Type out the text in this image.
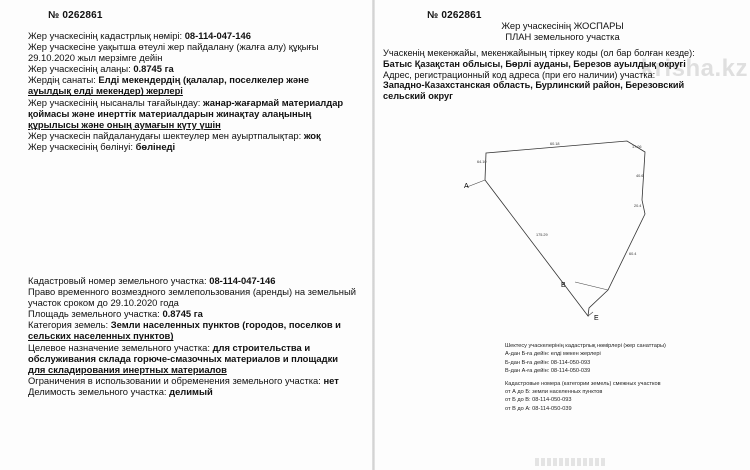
№ 0262861
Жер учаскесінің кадастрлық нөмірі: 08-114-047-146
Жер учаскесіне уақытша өтеулі жер пайдалану (жалға алу) құқығы
29.10.2020 жыл мерзімге дейін
Жер учаскесінің алаңы: 0.8745 га
Жердің санаты: Елді мекендердің (қалалар, поселкелер және
ауылдық елді мекендер) жерлері
Жер учаскесінің нысаналы тағайындау: жанар-жағармай материалдар
қоймасы және инерттік материалдарын жинақтау алаңының
құрылысы және оның аумағын күту үшін
Жер учаскесін пайдаланудағы шектеулер мен ауыртпалықтар: жоқ
Жер учаскесінің бөлінуі: бөлінеді
Кадастровый номер земельного участка: 08-114-047-146
Право временного возмездного землепользования (аренды) на земельный
участок сроком до 29.10.2020 года
Площадь земельного участка: 0.8745 га
Категория земель: Земли населенных пунктов (городов, поселков и
сельских населенных пунктов)
Целевое назначение земельного участка: для строительства и
обслуживания склада горюче-смазочных материалов и площадки
для складирования инертных материалов
Ограничения в использовании и обременения земельного участка: нет
Делимость земельного участка: делимый
№ 0262861
krisha.kz
Жер учаскесінің ЖОСПАРЫ
ПЛАН земельного участка
Учаскенің мекенжайы, мекенжайының тіркеу коды (ол бар болған кезде):
Батыс Қазақстан облысы, Бөрлі ауданы, Березов ауылдық округі
Адрес, регистрационный код адреса (при его наличии) участка:
Западно-Казахстанская область, Бурлинский район, Березовский
сельский округ
A
B
E
60.18
17.06
40.6
20.4
175.29
60.4
64.10
Шектесу учаскелерінің кадастрлық нөмірлері (жер санаттары)
А-дан Б-ға дейін: елді мекен жерлері
Б-дан В-ға дейін: 08-114-050-093
В-дан А-ға дейін: 08-114-050-039
Кадастровые номера (категории земель) смежных участков
от А до Б: земли населенных пунктов
от Б до В: 08-114-050-093
от В до А: 08-114-050-039
